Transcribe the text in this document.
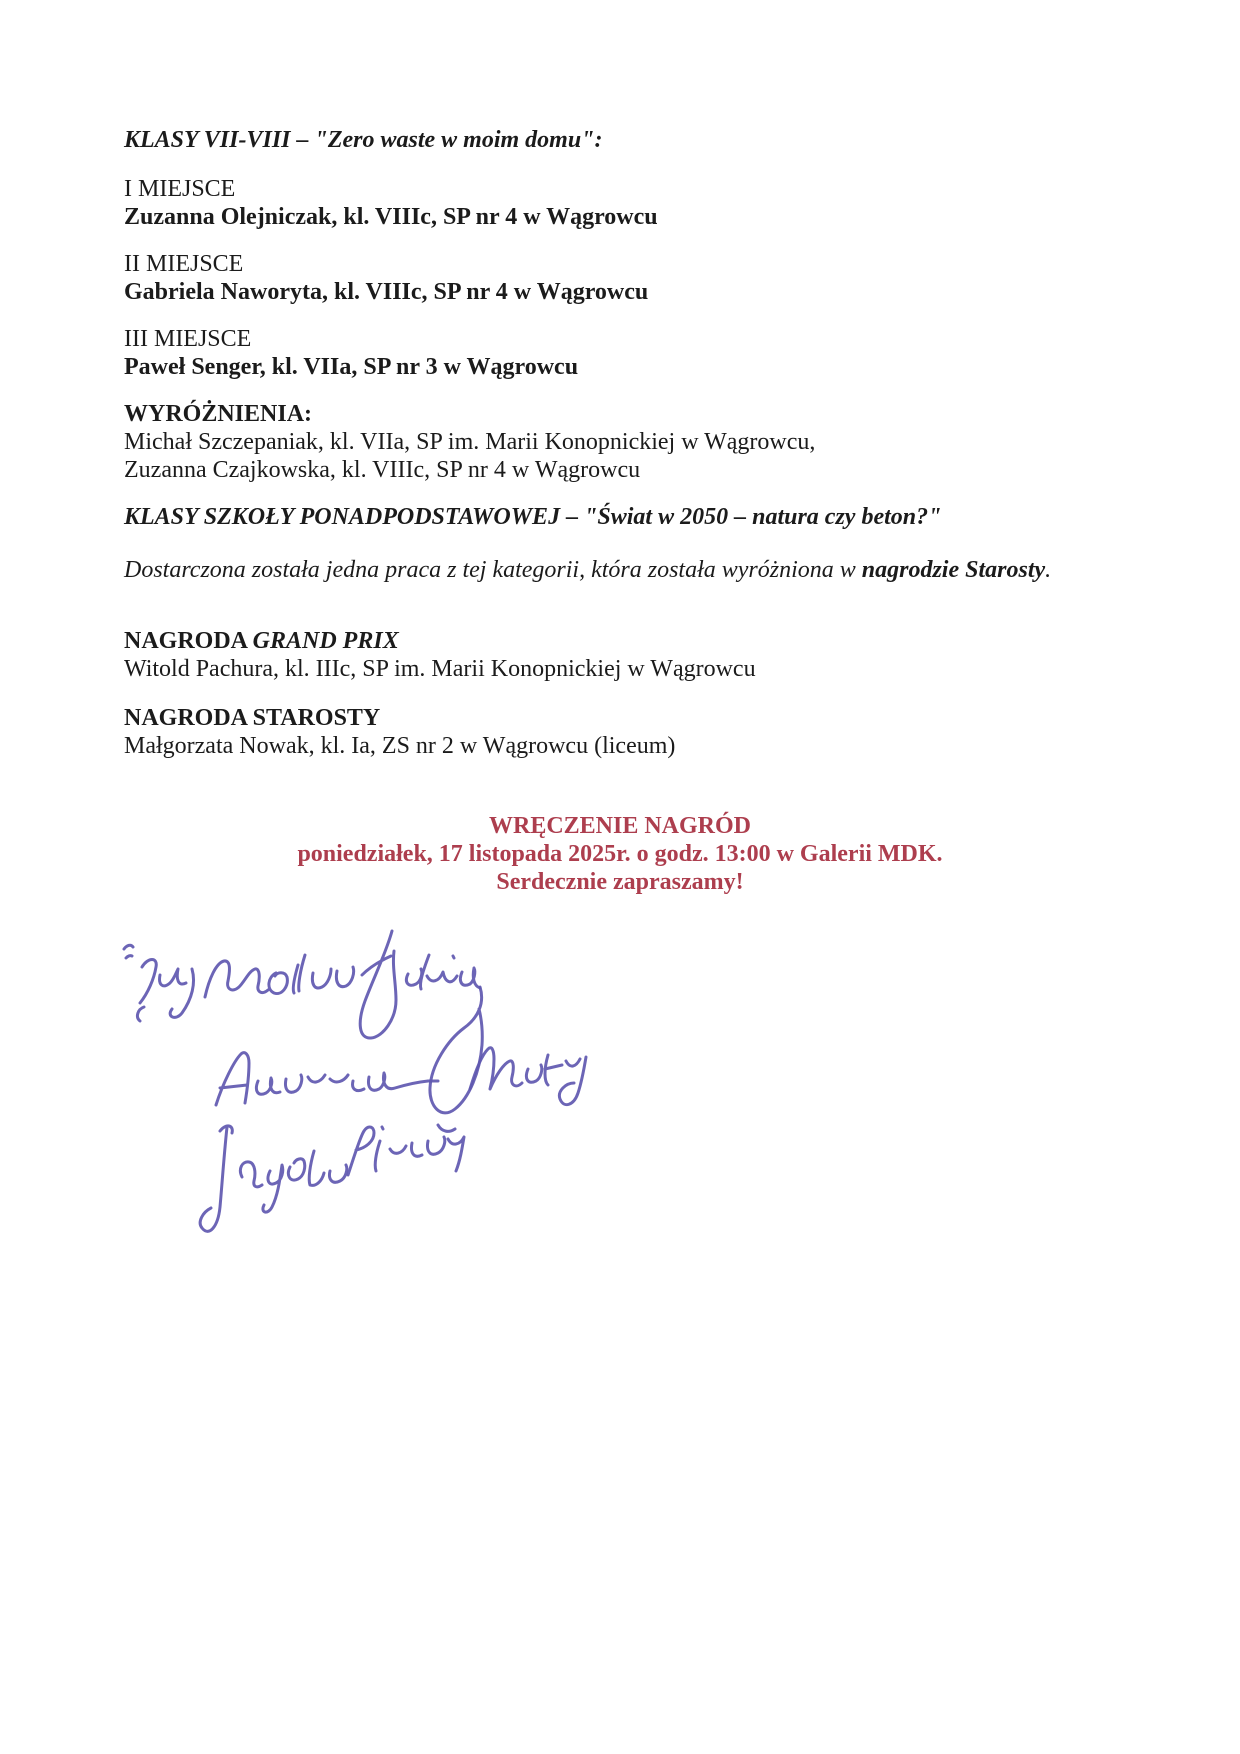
KLASY VII-VIII – "Zero waste w moim domu":
I MIEJSCE
Zuzanna Olejniczak, kl. VIIIc, SP nr 4 w Wągrowcu
II MIEJSCE
Gabriela Naworyta, kl. VIIIc, SP nr 4 w Wągrowcu
III MIEJSCE
Paweł Senger, kl. VIIa, SP nr 3 w Wągrowcu
WYRÓŻNIENIA:
Michał Szczepaniak, kl. VIIa, SP im. Marii Konopnickiej w Wągrowcu,
Zuzanna Czajkowska, kl. VIIIc, SP nr 4 w Wągrowcu
KLASY SZKOŁY PONADPODSTAWOWEJ – "Świat w 2050 – natura czy beton?"
Dostarczona została jedna praca z tej kategorii, która została wyróżniona w nagrodzie Starosty.
NAGRODA GRAND PRIX
Witold Pachura, kl. IIIc, SP im. Marii Konopnickiej w Wągrowcu
NAGRODA STAROSTY
Małgorzata Nowak, kl. Ia, ZS nr 2 w Wągrowcu (liceum)
WRĘCZENIE NAGRÓD
poniedziałek, 17 listopada 2025r. o godz. 13:00 w Galerii MDK.
Serdecznie zapraszamy!
